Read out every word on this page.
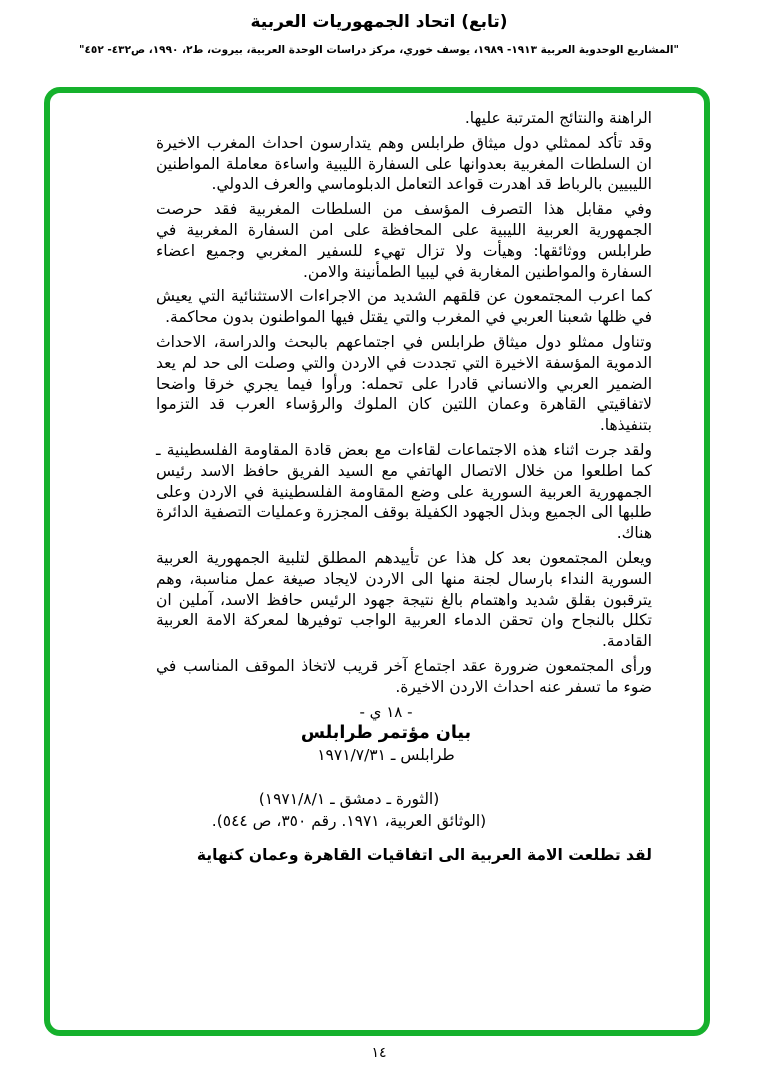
(تابع) اتحاد الجمهوريات العربية
"المشاريع الوحدوية العربية ١٩١٣- ١٩٨٩، يوسف خوري، مركز دراسات الوحدة العربية، بيروت، ط٢، ١٩٩٠، ص٤٣٢- ٤٥٢"

الراهنة والنتائج المترتبة عليها.

وقد تأكد لممثلي دول ميثاق طرابلس وهم يتدارسون احداث المغرب الاخيرة ان السلطات المغربية بعدوانها على السفارة الليبية واساءة معاملة المواطنين الليبيين بالرباط قد اهدرت قواعد التعامل الدبلوماسي والعرف الدولي.

وفي مقابل هذا التصرف المؤسف من السلطات المغربية فقد حرصت الجمهورية العربية الليبية على المحافظة على امن السفارة المغربية في طرابلس ووثائقها: وهيأت ولا تزال تهيء للسفير المغربي وجميع اعضاء السفارة والمواطنين المغاربة في ليبيا الطمأنينة والامن.

كما اعرب المجتمعون عن قلقهم الشديد من الاجراءات الاستثنائية التي يعيش في ظلها شعبنا العربي في المغرب والتي يقتل فيها المواطنون بدون محاكمة.

وتناول ممثلو دول ميثاق طرابلس في اجتماعهم بالبحث والدراسة، الاحداث الدموية المؤسفة الاخيرة التي تجددت في الاردن والتي وصلت الى حد لم يعد الضمير العربي والانساني قادرا على تحمله: ورأوا فيما يجري خرقا واضحا لاتفاقيتي القاهرة وعمان اللتين كان الملوك والرؤساء العرب قد التزموا بتنفيذها.

ولقد جرت اثناء هذه الاجتماعات لقاءات مع بعض قادة المقاومة الفلسطينية ـ كما اطلعوا من خلال الاتصال الهاتفي مع السيد الفريق حافظ الاسد رئيس الجمهورية العربية السورية على وضع المقاومة الفلسطينية في الاردن وعلى طلبها الى الجميع وبذل الجهود الكفيلة بوقف المجزرة وعمليات التصفية الدائرة هناك.

ويعلن المجتمعون بعد كل هذا عن تأييدهم المطلق لتلبية الجمهورية العربية السورية النداء بارسال لجنة منها الى الاردن لايجاد صيغة عمل مناسبة، وهم يترقبون بقلق شديد واهتمام بالغ نتيجة جهود الرئيس حافظ الاسد، آملين ان تكلل بالنجاح وان تحقن الدماء العربية الواجب توفيرها لمعركة الامة العربية القادمة.

ورأى المجتمعون ضرورة عقد اجتماع آخر قريب لاتخاذ الموقف المناسب في ضوء ما تسفر عنه احداث الاردن الاخيرة.

- ١٨ ي -
بيان مؤتمر طرابلس
طرابلس ـ ١٩٧١/٧/٣١
(الثورة ـ دمشق ـ ١٩٧١/٨/١)
(الوثائق العربية، ١٩٧١. رقم ٣٥٠، ص ٥٤٤).

لقد تطلعت الامة العربية الى اتفاقيات القاهرة وعمان كنهاية

١٤
